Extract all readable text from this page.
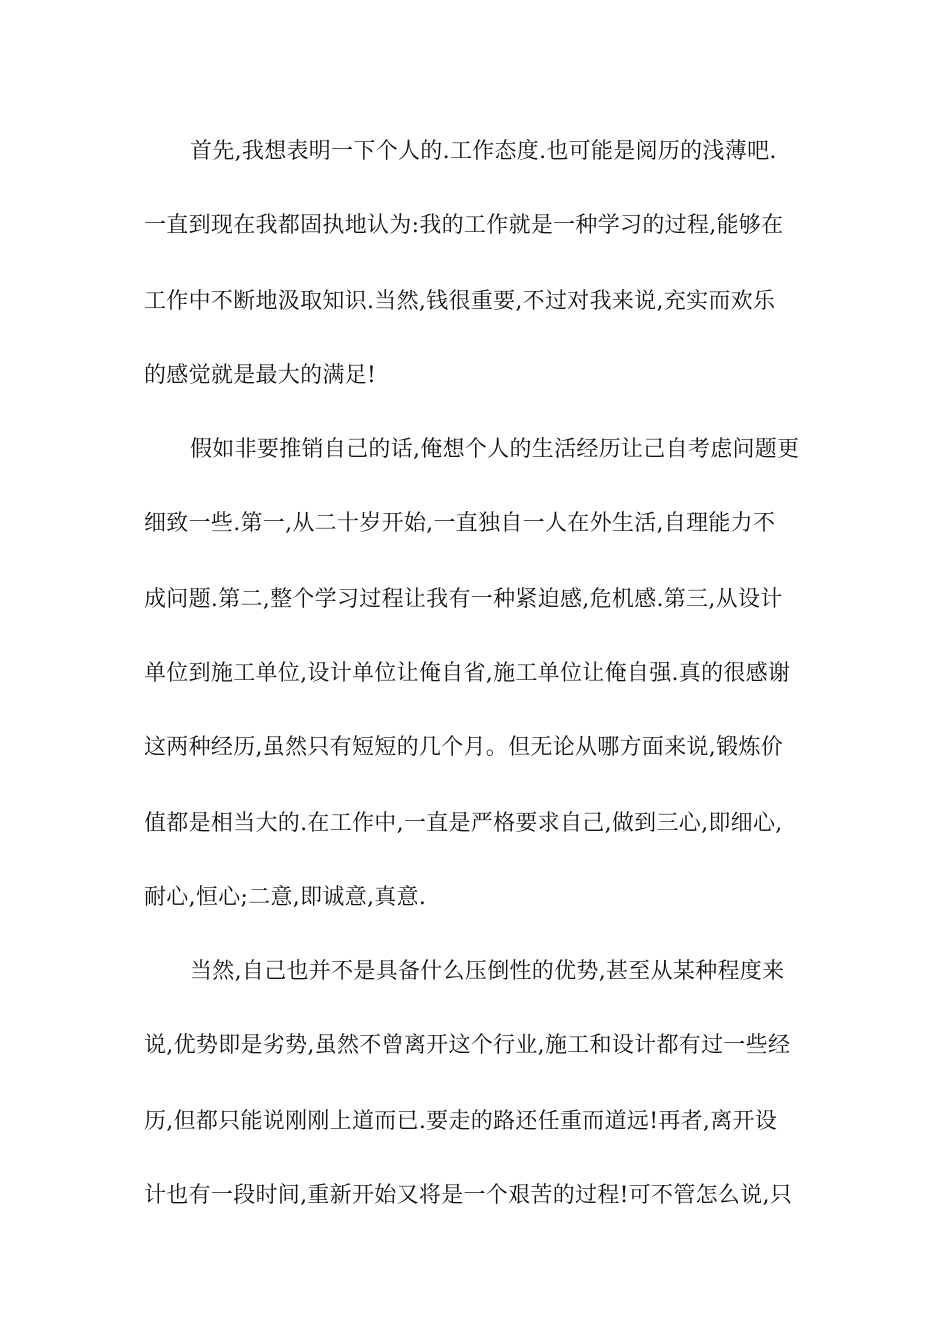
首先,我想表明一下个人的.工作态度.也可能是阅历的浅薄吧.
一直到现在我都固执地认为:我的工作就是一种学习的过程,能够在
工作中不断地汲取知识.当然,钱很重要,不过对我来说,充实而欢乐
的感觉就是最大的满足!
假如非要推销自己的话,俺想个人的生活经历让己自考虑问题更
细致一些.第一,从二十岁开始,一直独自一人在外生活,自理能力不
成问题.第二,整个学习过程让我有一种紧迫感,危机感.第三,从设计
单位到施工单位,设计单位让俺自省,施工单位让俺自强.真的很感谢
这两种经历,虽然只有短短的几个月。但无论从哪方面来说,锻炼价
值都是相当大的.在工作中,一直是严格要求自己,做到三心,即细心,
耐心,恒心;二意,即诚意,真意.
当然,自己也并不是具备什么压倒性的优势,甚至从某种程度来
说,优势即是劣势,虽然不曾离开这个行业,施工和设计都有过一些经
历,但都只能说刚刚上道而已.要走的路还任重而道远!再者,离开设
计也有一段时间,重新开始又将是一个艰苦的过程!可不管怎么说,只
